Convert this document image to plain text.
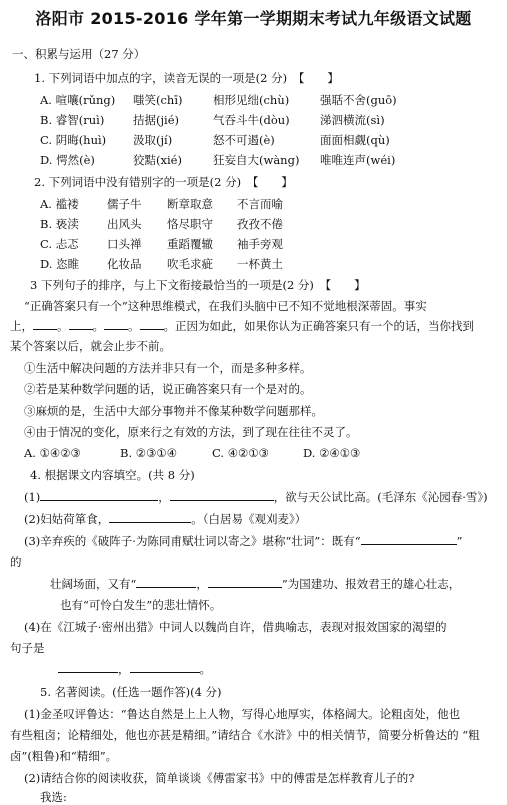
洛阳市 2015-2016 学年第一学期期末考试九年级语文试题
一、积累与运用（27 分）
1. 下列词语中加点的字，读音无误的一项是(2 分)　【　　】
A. 喧嚷(rǔng) 嗤笑(chī)	相形见绌(chù)	强聒不舍(guō)
B. 睿智(ruì) 拮据(jié)	气吞斗牛(dòu)	涕泗横流(sì)
C. 阴晦(huì) 汲取(jí)	怒不可遏(è)	面面相觑(qù)
D. 愕然(è)	狡黠(xié)	狂妄自大(wàng) 唯唯连声(wéi)
2. 下列词语中没有错别字的一项是(2 分)　【　　】
A. 褴褛 儒子牛 断章取意 不言而喻
B. 亵渎 出风头 恪尽职守 孜孜不倦
C. 忐忑 口头禅 重蹈覆辙 袖手旁观
D. 恣睢 化妆品 吹毛求疵 一杯黄土
3 下列句子的排序，与上下文衔接最恰当的一项是(2 分)　【　　】
“正确答案只有一个”这种思维模式，在我们头脑中已不知不觉地根深蒂固。事实
上， 。 。 。 。正因为如此，如果你认为正确答案只有一个的话，当你找到
某个答案以后，就会止步不前。
①生活中解决问题的方法并非只有一个，而是多种多样。
②若是某种数学问题的话，说正确答案只有一个是对的。
③麻烦的是，生活中大部分事物并不像某种数学问题那样。
④由于情况的变化，原来行之有效的方法，到了现在往往不灵了。
A. ①④②③	B. ②③①④	C. ④②①③	D. ②④①③
4. 根据课文内容填空。(共 8 分)
(1)	，	，欲与天公试比高。(毛泽东《沁园春·雪》)
(2)妇姑荷箪食，	。（白居易《观刈麦》）
(3)辛弃疾的《破阵子·为陈同甫赋壮词以寄之》堪称“壮词”：既有“	”
的
壮阔场面，又有“	，	”为国建功、报效君王的雄心壮志，
也有“可怜白发生”的悲壮情怀。
(4)在《江城子·密州出猎》中词人以魏尚自许，借典喻志，表现对报效国家的渴望的
句子是
，	。
5. 名著阅读。(任选一题作答)(4 分)
(1)金圣叹评鲁达：“鲁达自然是上上人物，写得心地厚实，体格阔大。论粗卤处，他也
有些粗卤；论精细处，他也亦甚是精细。”请结合《水浒》中的相关情节，简要分析鲁达的 “粗
卤”(粗鲁)和“精细”。
(2)请结合你的阅读收获，简单谈谈《傅雷家书》中的傅雷是怎样教育儿子的?
我选:
